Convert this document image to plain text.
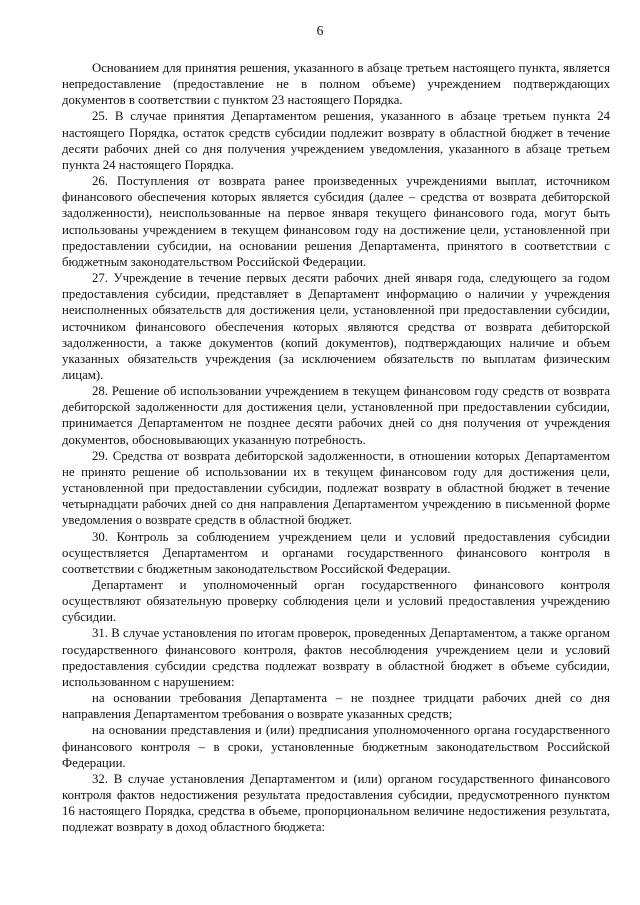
6

Основанием для принятия решения, указанного в абзаце третьем настоящего пункта, является непредоставление (предоставление не в полном объеме) учреждением подтверждающих документов в соответствии с пунктом 23 настоящего Порядка.

25. В случае принятия Департаментом решения, указанного в абзаце третьем пункта 24 настоящего Порядка, остаток средств субсидии подлежит возврату в областной бюджет в течение десяти рабочих дней со дня получения учреждением уведомления, указанного в абзаце третьем пункта 24 настоящего Порядка.

26. Поступления от возврата ранее произведенных учреждениями выплат, источником финансового обеспечения которых является субсидия (далее – средства от возврата дебиторской задолженности), неиспользованные на первое января текущего финансового года, могут быть использованы учреждением в текущем финансовом году на достижение цели, установленной при предоставлении субсидии, на основании решения Департамента, принятого в соответствии с бюджетным законодательством Российской Федерации.

27. Учреждение в течение первых десяти рабочих дней января года, следующего за годом предоставления субсидии, представляет в Департамент информацию о наличии у учреждения неисполненных обязательств для достижения цели, установленной при предоставлении субсидии, источником финансового обеспечения которых являются средства от возврата дебиторской задолженности, а также документов (копий документов), подтверждающих наличие и объем указанных обязательств учреждения (за исключением обязательств по выплатам физическим лицам).

28. Решение об использовании учреждением в текущем финансовом году средств от возврата дебиторской задолженности для достижения цели, установленной при предоставлении субсидии, принимается Департаментом не позднее десяти рабочих дней со дня получения от учреждения документов, обосновывающих указанную потребность.

29. Средства от возврата дебиторской задолженности, в отношении которых Департаментом не принято решение об использовании их в текущем финансовом году для достижения цели, установленной при предоставлении субсидии, подлежат возврату в областной бюджет в течение четырнадцати рабочих дней со дня направления Департаментом учреждению в письменной форме уведомления о возврате средств в областной бюджет.

30. Контроль за соблюдением учреждением цели и условий предоставления субсидии осуществляется Департаментом и органами государственного финансового контроля в соответствии с бюджетным законодательством Российской Федерации.

Департамент и уполномоченный орган государственного финансового контроля осуществляют обязательную проверку соблюдения цели и условий предоставления учреждению субсидии.

31. В случае установления по итогам проверок, проведенных Департаментом, а также органом государственного финансового контроля, фактов несоблюдения учреждением цели и условий предоставления субсидии средства подлежат возврату в областной бюджет в объеме субсидии, использованном с нарушением:

на основании требования Департамента – не позднее тридцати рабочих дней со дня направления Департаментом требования о возврате указанных средств;

на основании представления и (или) предписания уполномоченного органа государственного финансового контроля – в сроки, установленные бюджетным законодательством Российской Федерации.

32. В случае установления Департаментом и (или) органом государственного финансового контроля фактов недостижения результата предоставления субсидии, предусмотренного пунктом 16 настоящего Порядка, средства в объеме, пропорциональном величине недостижения результата, подлежат возврату в доход областного бюджета:
